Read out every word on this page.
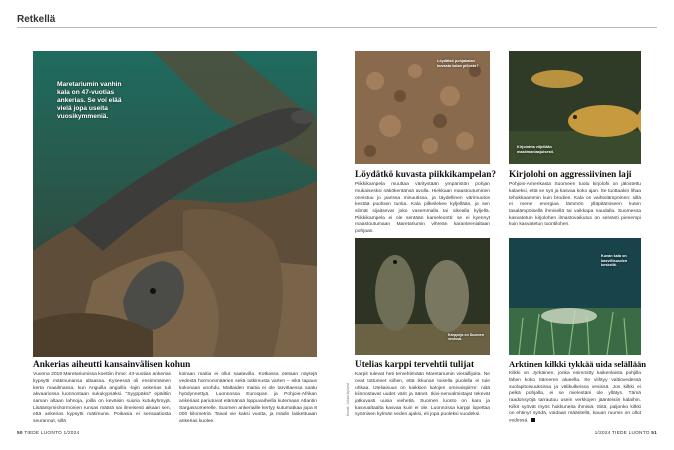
Retkellä
Maretariumin vanhin kala on 47-vuotias ankerias. Se voi elää vielä jopa useita vuosikymmeniä.
Löydätkö pohjakalan kuvasta kalan piilosta?
Kirjolohta viljellään maailmanlaajuisesti.
Karppeja on Suomen vesissä.
Kuvan kala on kasvillisuuden keskellä.
Ankerias aiheutti kansainvälisen kohun

Vuonna 2019 Maretariumissa koettiin ihme: 43-vuotias ankerias kypsytti mätimunansa altaassa. Kyseessä oli ensimmäinen kerta maailmassa, kun Anguilla anguilla -lajin ankerias tuli akvaariossa luonnostaan sukukypsäksi. "Syyppäksi" epäiltiin saman altaan lahnoja, joilla on keväisin suuria kutukyhmyjä. Lisääntymishormonien runsas määrä sai ilmeisesti aikaan sen, että ankerias kypsytti mätimuna. Poikasia ei sensaatiosta seurannut, sillä

koiraan maitia ei ollut saatavilla. Kotkassa otetaan näytejä vedestä hormonimäärien sekä tutkimusta varten – eikä tapaus kokonaan unohdu. Maltaiden maitia ei ole tarvittaessa saatu hyödynnettyä. Luonnossa Euroopan ja Pohjois-Afrikan ankeriaat pariutuvat elämänsä loppuvaiheilla kutemaan Atlantin Sargassomerelle. Suomen ankeriaille kertyy kutumatkaa jopa 8 000 kilometriä. Taival vie kaksi vuotta, ja mädin laskettuaan ankerias kuolee.

Löydätkö kuvasta piikkikampelan?

Piikkikampela muuttaa väritystään ympäristön pohjan mukaisesksi näkökentänsä avulla. Hiekkaan maastoutuminen onnistuu jo parissa minuutissa, ja täydellinen värimuutos kestää puolisen tuntia. Kala pilkeilekee kyljellään, ja sen silmät sijaitsevat joko vasemmalla tai oikealla kyljellä. Piikkikampela ei ole sentään kameleontti: se ei kyennyt maastoutumaan Maretariumin vihreän karanteenialtaan pohjaan.

Kirjolohi on aggressiivinen laji

Pohjois-Amerikasta Suomeen tuotu kirjolohi on jälostettu kalaeksi, että se syö ja kasvaa koko ajan. Se tuottaakin lihaa tehokkaammin kuin brodien. Kala on vaihtolämpöinen: sillä ei mene energiaa lämmön ylläpitämiseen kuten tasalämpöisellä ihmisellä tai vaikkapa naudalla. Suomessa kasvatetun kirjolohen ilmastovaikutus on selvästi pienempi kuin kasvatetun tuontilohen.

Utelias karppi tervehtii tulijat

Karpit tulevat heti tervehtimään Maretariumin vieraillijoita. Ne ovat tottuneet siihen, että ikkunan toisella puolella ei tule uhkaa. Uteliaisuus on kaikkien kalojen ominaispiirre: niitä kiinnostavat uudet värit ja äänet. Ikivi-nenvalmistajat tekevät jatkuvasti uusia viehetiä. Suomen luonto on karu ja kasvualtaalta kasvaa kuin ei ole. Luonnossa karppi lopettaa syömisen kylmän veden ajaksi, eli jopa puoleksi vuodeksi.

Arktinen kilkki tykkää uida selällään

Kilkki on Jyrkäinen, jonka esimmitty kaikenlaista pohjilla lähen koko Itämeren alueella. Se viihtyy valtiovedessä suolapitoisuuksissa ja välikulkeissa vesissä. Jos kilkki ei pelkä pohjalla, ei se mielestäni ole yllätys. Tämä raadonsyöjä tarrautuu usein verkkojen jäänteisiin kalaihin. Kilkit syövät myös hukkuneita ihmisiä. Siitä, paljonko kilkki on ehtinyt syödä, voidaan määritellä, kauan ruumis on ollut vedessä.

Kuvat: Jukka Nylund
50 TIEDE LUONTO 1/2024	1/2024 TIEDE LUONTO 51
